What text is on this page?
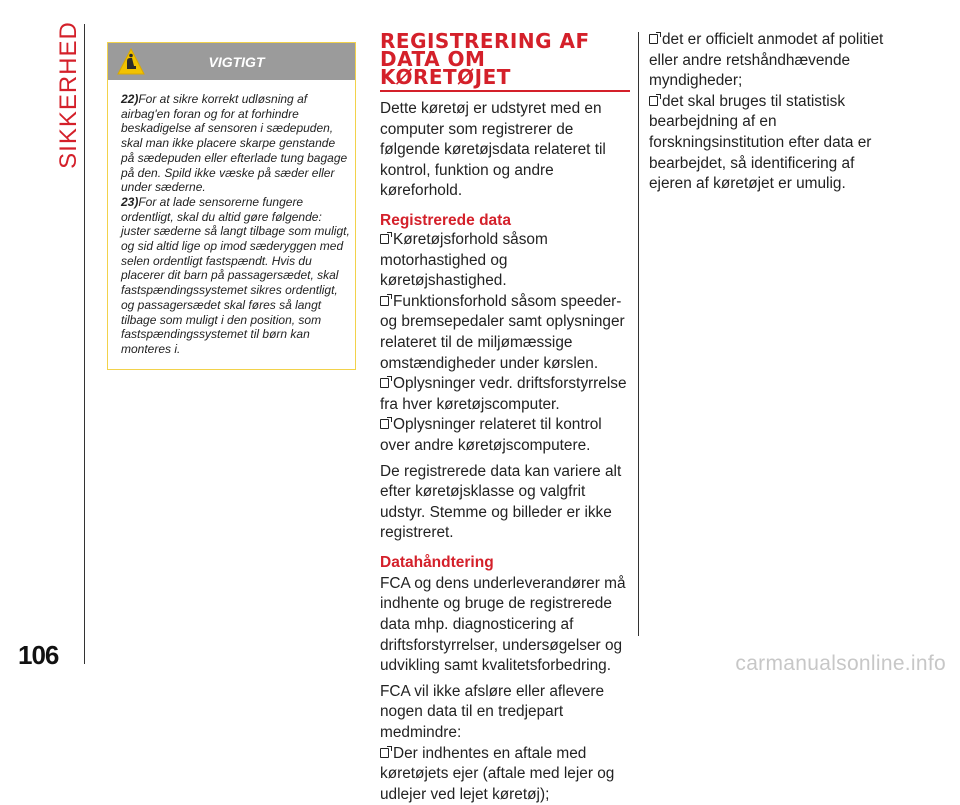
SIKKERHED	VIGTIGT

22)For at sikre korrekt udløsning af airbag'en foran og for at forhindre beskadigelse af sensoren i sædepuden, skal man ikke placere skarpe genstande på sædepuden eller efterlade tung bagage på den. Spild ikke væske på sæder eller under sæderne.

23)For at lade sensorerne fungere ordentligt, skal du altid gøre følgende: juster sæderne så langt tilbage som muligt, og sid altid lige op imod sæderyggen med selen ordentligt fastspændt. Hvis du placerer dit barn på passagersædet, skal fastspændingssystemet sikres ordentligt, og passagersædet skal føres så langt tilbage som muligt i den position, som fastspændingssystemet til børn kan monteres i.

REGISTRERING AF
DATA OM
KØRETØJET

Dette køretøj er udstyret med en computer som registrerer de følgende køretøjsdata relateret til kontrol, funktion og andre køreforhold.

Registrerede data

Køretøjsforhold såsom motorhastighed og køretøjshastighed.

Funktionsforhold såsom speeder- og bremsepedaler samt oplysninger relateret til de miljømæssige omstændigheder under kørslen.

Oplysninger vedr. driftsforstyrrelse fra hver køretøjscomputer.

Oplysninger relateret til kontrol over andre køretøjscomputere.

De registrerede data kan variere alt efter køretøjsklasse og valgfrit udstyr. Stemme og billeder er ikke registreret.

Datahåndtering

FCA og dens underleverandører må indhente og bruge de registrerede data mhp. diagnosticering af driftsforstyrrelser, undersøgelser og udvikling samt kvalitetsforbedring.

FCA vil ikke afsløre eller aflevere nogen data til en tredjepart medmindre:

Der indhentes en aftale med køretøjets ejer (aftale med lejer og udlejer ved lejet køretøj);

det er officielt anmodet af politiet eller andre retshåndhævende myndigheder;

det skal bruges til statistisk bearbejdning af en forskningsinstitution efter data er bearbejdet, så identificering af ejeren af køretøjet er umulig.

106	carmanualsonline.info
